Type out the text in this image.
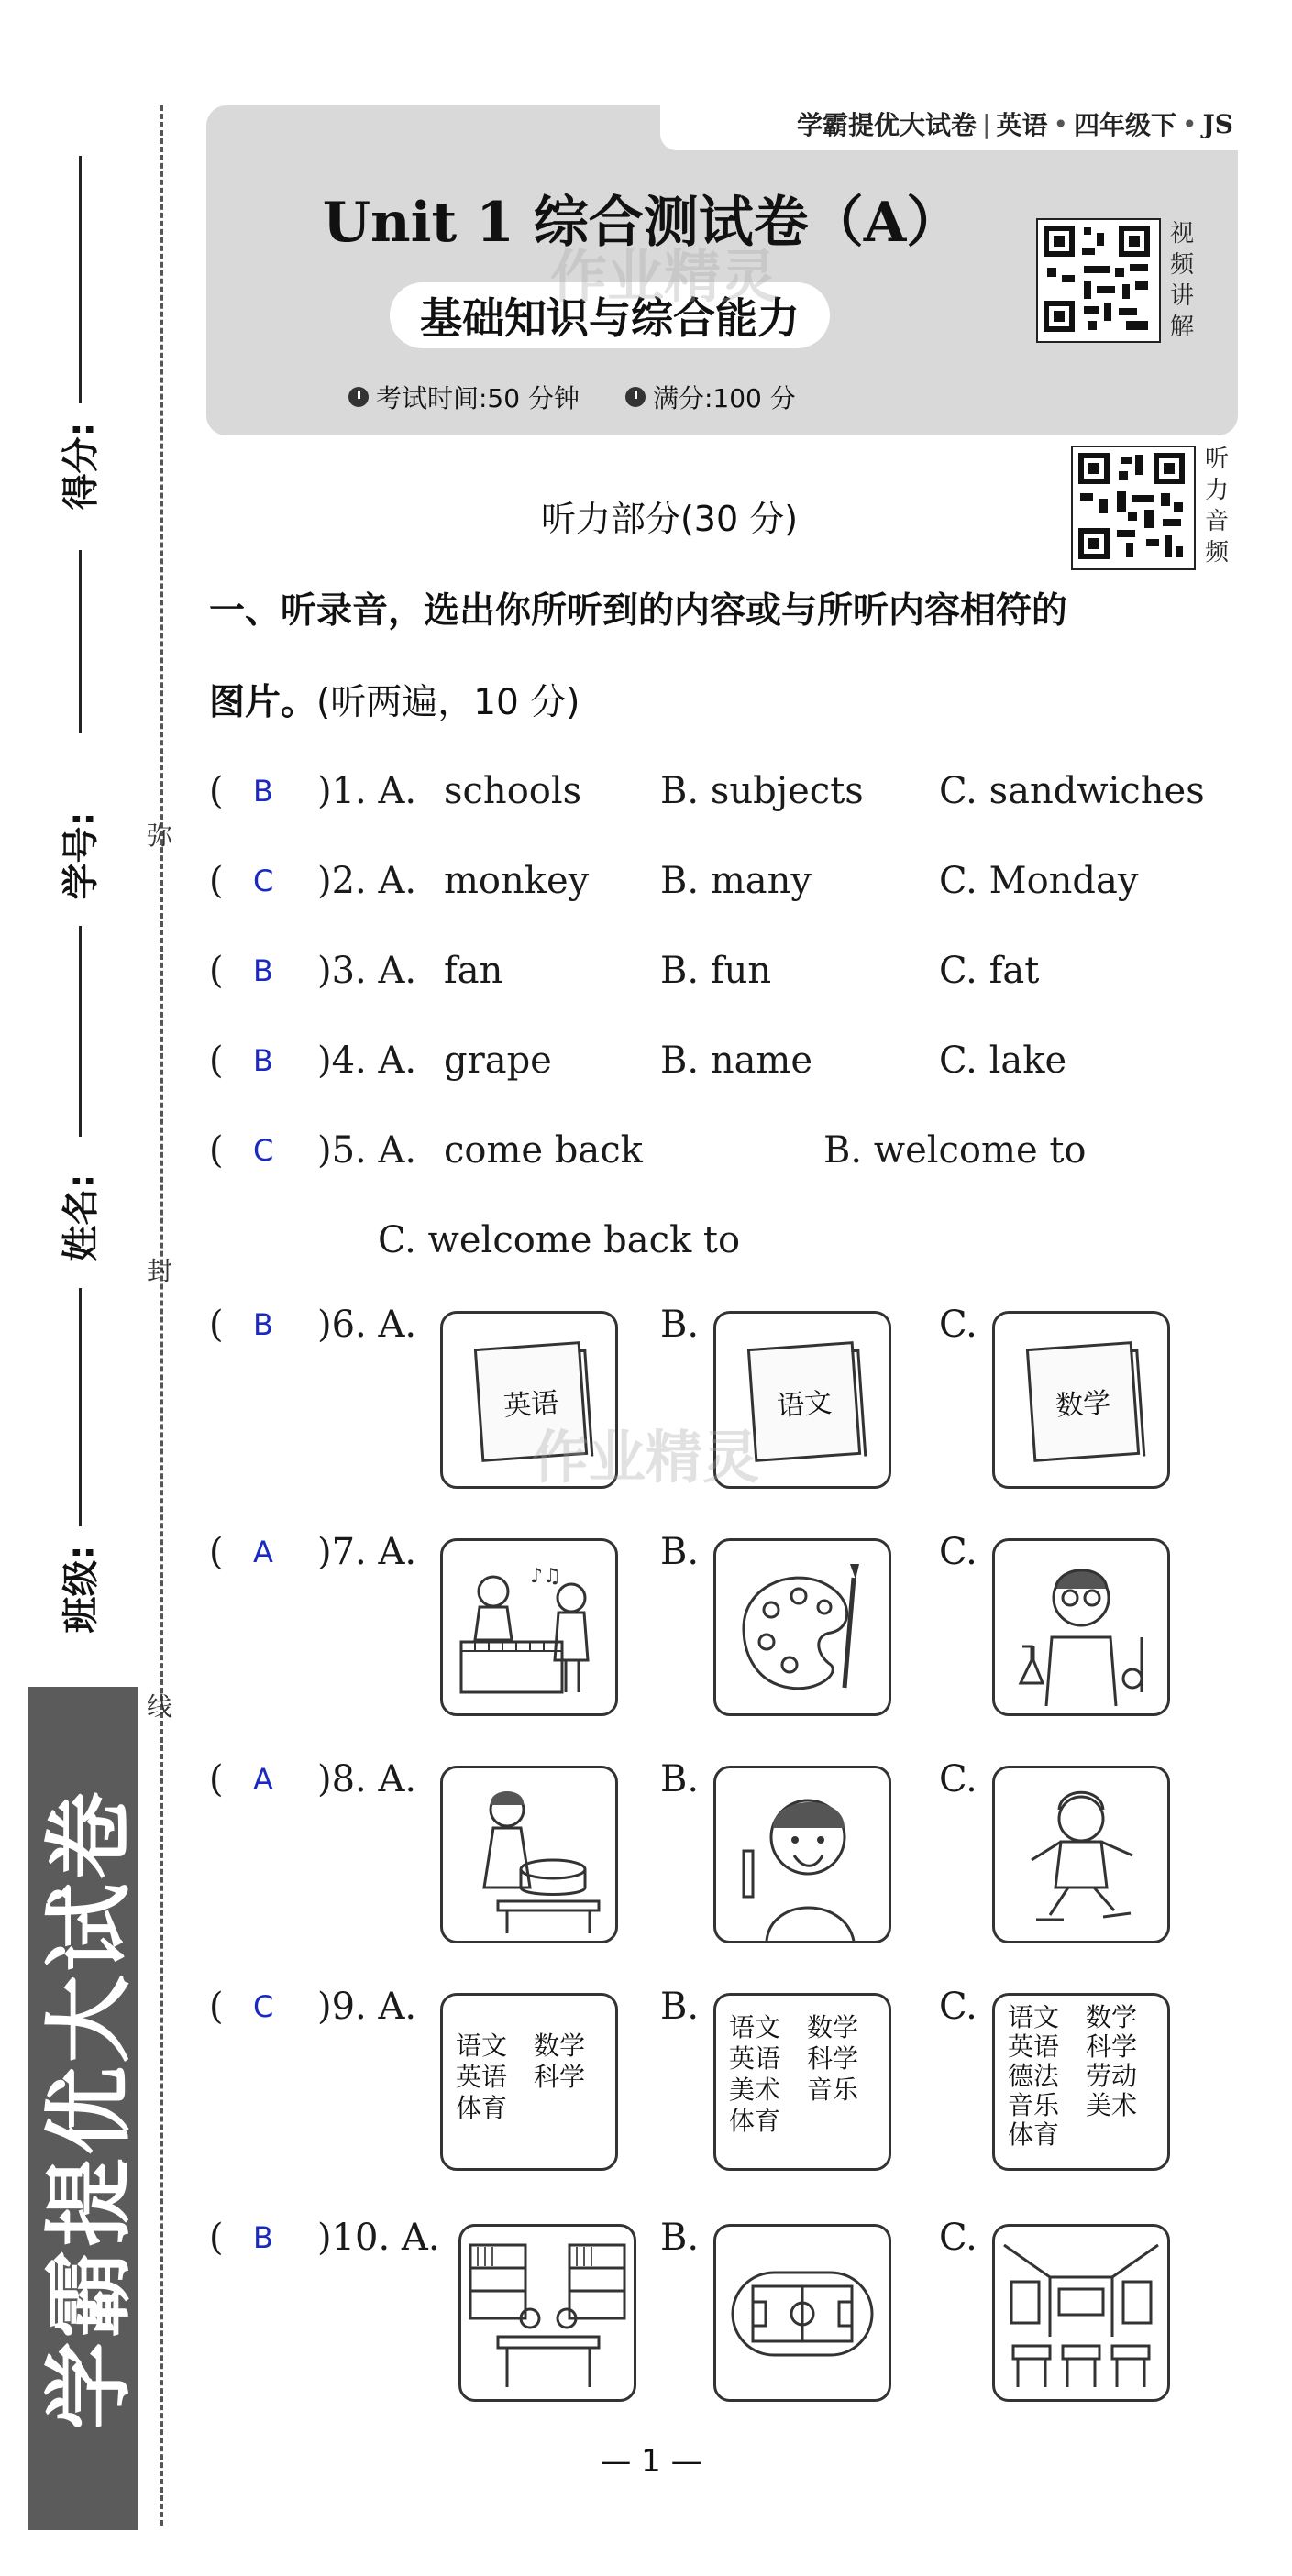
得分:
学号:
姓名:
班级:
弥
封
线
学霸提优大试卷
学霸提优大试卷 | 英语 • 四年级下 • JS
Unit 1 综合测试卷（A）
基础知识与综合能力
作业精灵
考试时间:50 分钟	满分:100 分
视
频
讲
解
听
力
音
频
听力部分(30 分)
一、听录音，选出你所听到的内容或与所听内容相符的
图片。(听两遍，10 分)
( B )1. A. schools B. subjects C. sandwiches
( C )2. A. monkey B. many	C. Monday
( B )3. A. fan	B. fun	C. fat
( B )4. A. grape	B. name	C. lake
( C )5. A. come back	B. welcome to
C. welcome back to
( B )6. A.	B.	C.
英语	语文	数学
作业精灵
( A )7. A.	B.	C.
♪♫
( A )8. A.	B.	C.
( C )9. A.	B.	C.
语文	数学
英语	科学
体育
语文	数学
英语	科学
美术	音乐
体育
语文	数学
英语	科学
德法	劳动
音乐	美术
体育
( B )10. A.	B.	C.
— 1 —
